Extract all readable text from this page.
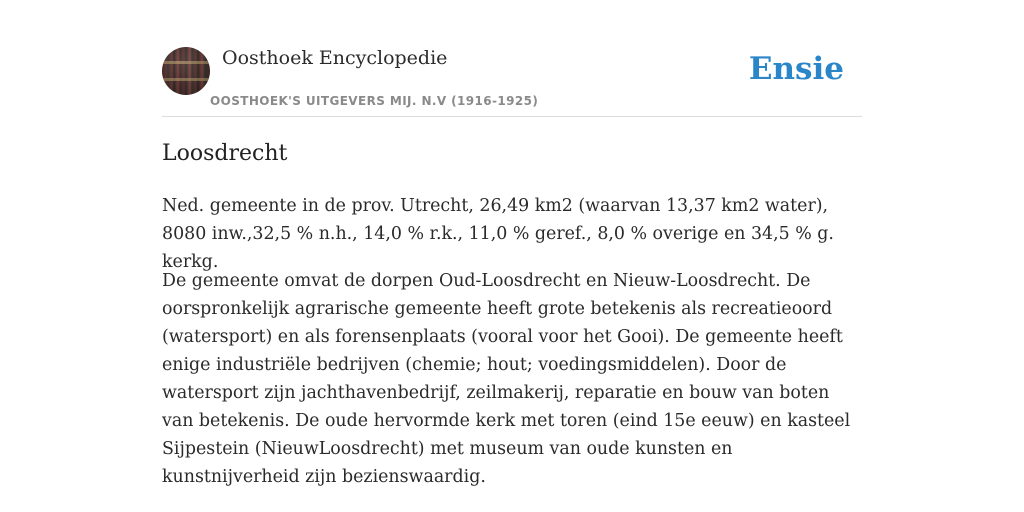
Oosthoek Encyclopedie
OOSTHOEK'S UITGEVERS MIJ. N.V (1916-1925)
Ensie
Loosdrecht

Ned. gemeente in de prov. Utrecht, 26,49 km2 (waarvan 13,37 km2 water), 8080 inw.,32,5 % n.h., 14,0 % r.k., 11,0 % geref., 8,0 % overige en 34,5 % g. kerkg.

De gemeente omvat de dorpen Oud-Loosdrecht en Nieuw-Loosdrecht. De oorspronkelijk agrarische gemeente heeft grote betekenis als recreatieoord (watersport) en als forensenplaats (vooral voor het Gooi). De gemeente heeft enige industriële bedrijven (chemie; hout; voedingsmiddelen). Door de watersport zijn jachthavenbedrijf, zeilmakerij, reparatie en bouw van boten van betekenis. De oude hervormde kerk met toren (eind 15e eeuw) en kasteel Sijpestein (NieuwLoosdrecht) met museum van oude kunsten en kunstnijverheid zijn bezienswaardig.
